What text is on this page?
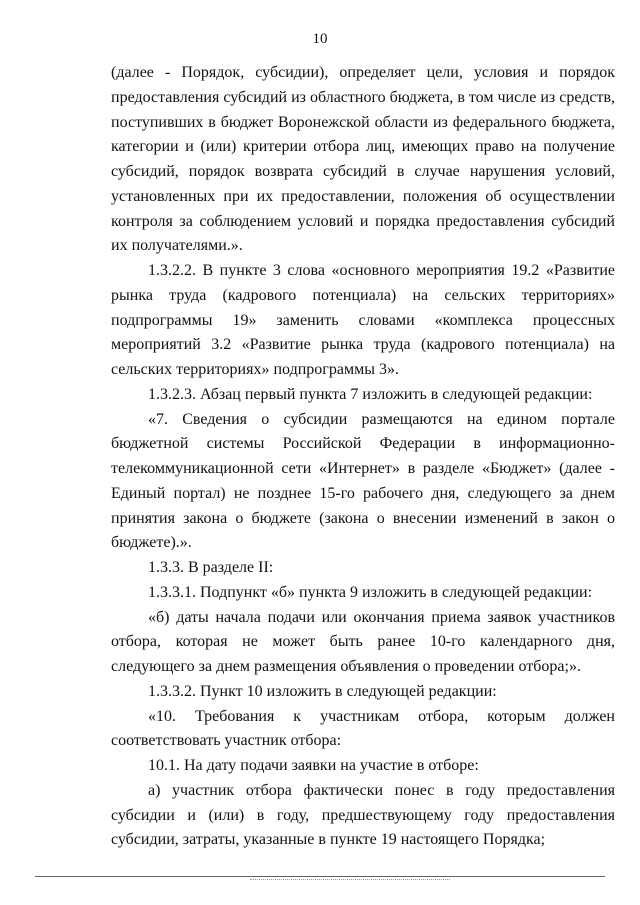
10

(далее - Порядок, субсидии), определяет цели, условия и порядок предоставления субсидий из областного бюджета, в том числе из средств, поступивших в бюджет Воронежской области из федерального бюджета, категории и (или) критерии отбора лиц, имеющих право на получение субсидий, порядок возврата субсидий в случае нарушения условий, установленных при их предоставлении, положения об осуществлении контроля за соблюдением условий и порядка предоставления субсидий их получателями.».

1.3.2.2. В пункте 3 слова «основного мероприятия 19.2 «Развитие рынка труда (кадрового потенциала) на сельских территориях» подпрограммы 19» заменить словами «комплекса процессных мероприятий 3.2 «Развитие рынка труда (кадрового потенциала) на сельских территориях» подпрограммы 3».

1.3.2.3. Абзац первый пункта 7 изложить в следующей редакции:

«7. Сведения о субсидии размещаются на едином портале бюджетной системы Российской Федерации в информационно-телекоммуникационной сети «Интернет» в разделе «Бюджет» (далее - Единый портал) не позднее 15-го рабочего дня, следующего за днем принятия закона о бюджете (закона о внесении изменений в закон о бюджете).».

1.3.3. В разделе II:

1.3.3.1. Подпункт «б» пункта 9 изложить в следующей редакции:

«б) даты начала подачи или окончания приема заявок участников отбора, которая не может быть ранее 10-го календарного дня, следующего за днем размещения объявления о проведении отбора;».

1.3.3.2. Пункт 10 изложить в следующей редакции:

«10. Требования к участникам отбора, которым должен соответствовать участник отбора:

10.1. На дату подачи заявки на участие в отборе:

а) участник отбора фактически понес в году предоставления субсидии и (или) в году, предшествующему году предоставления субсидии, затраты, указанные в пункте 19 настоящего Порядка;
